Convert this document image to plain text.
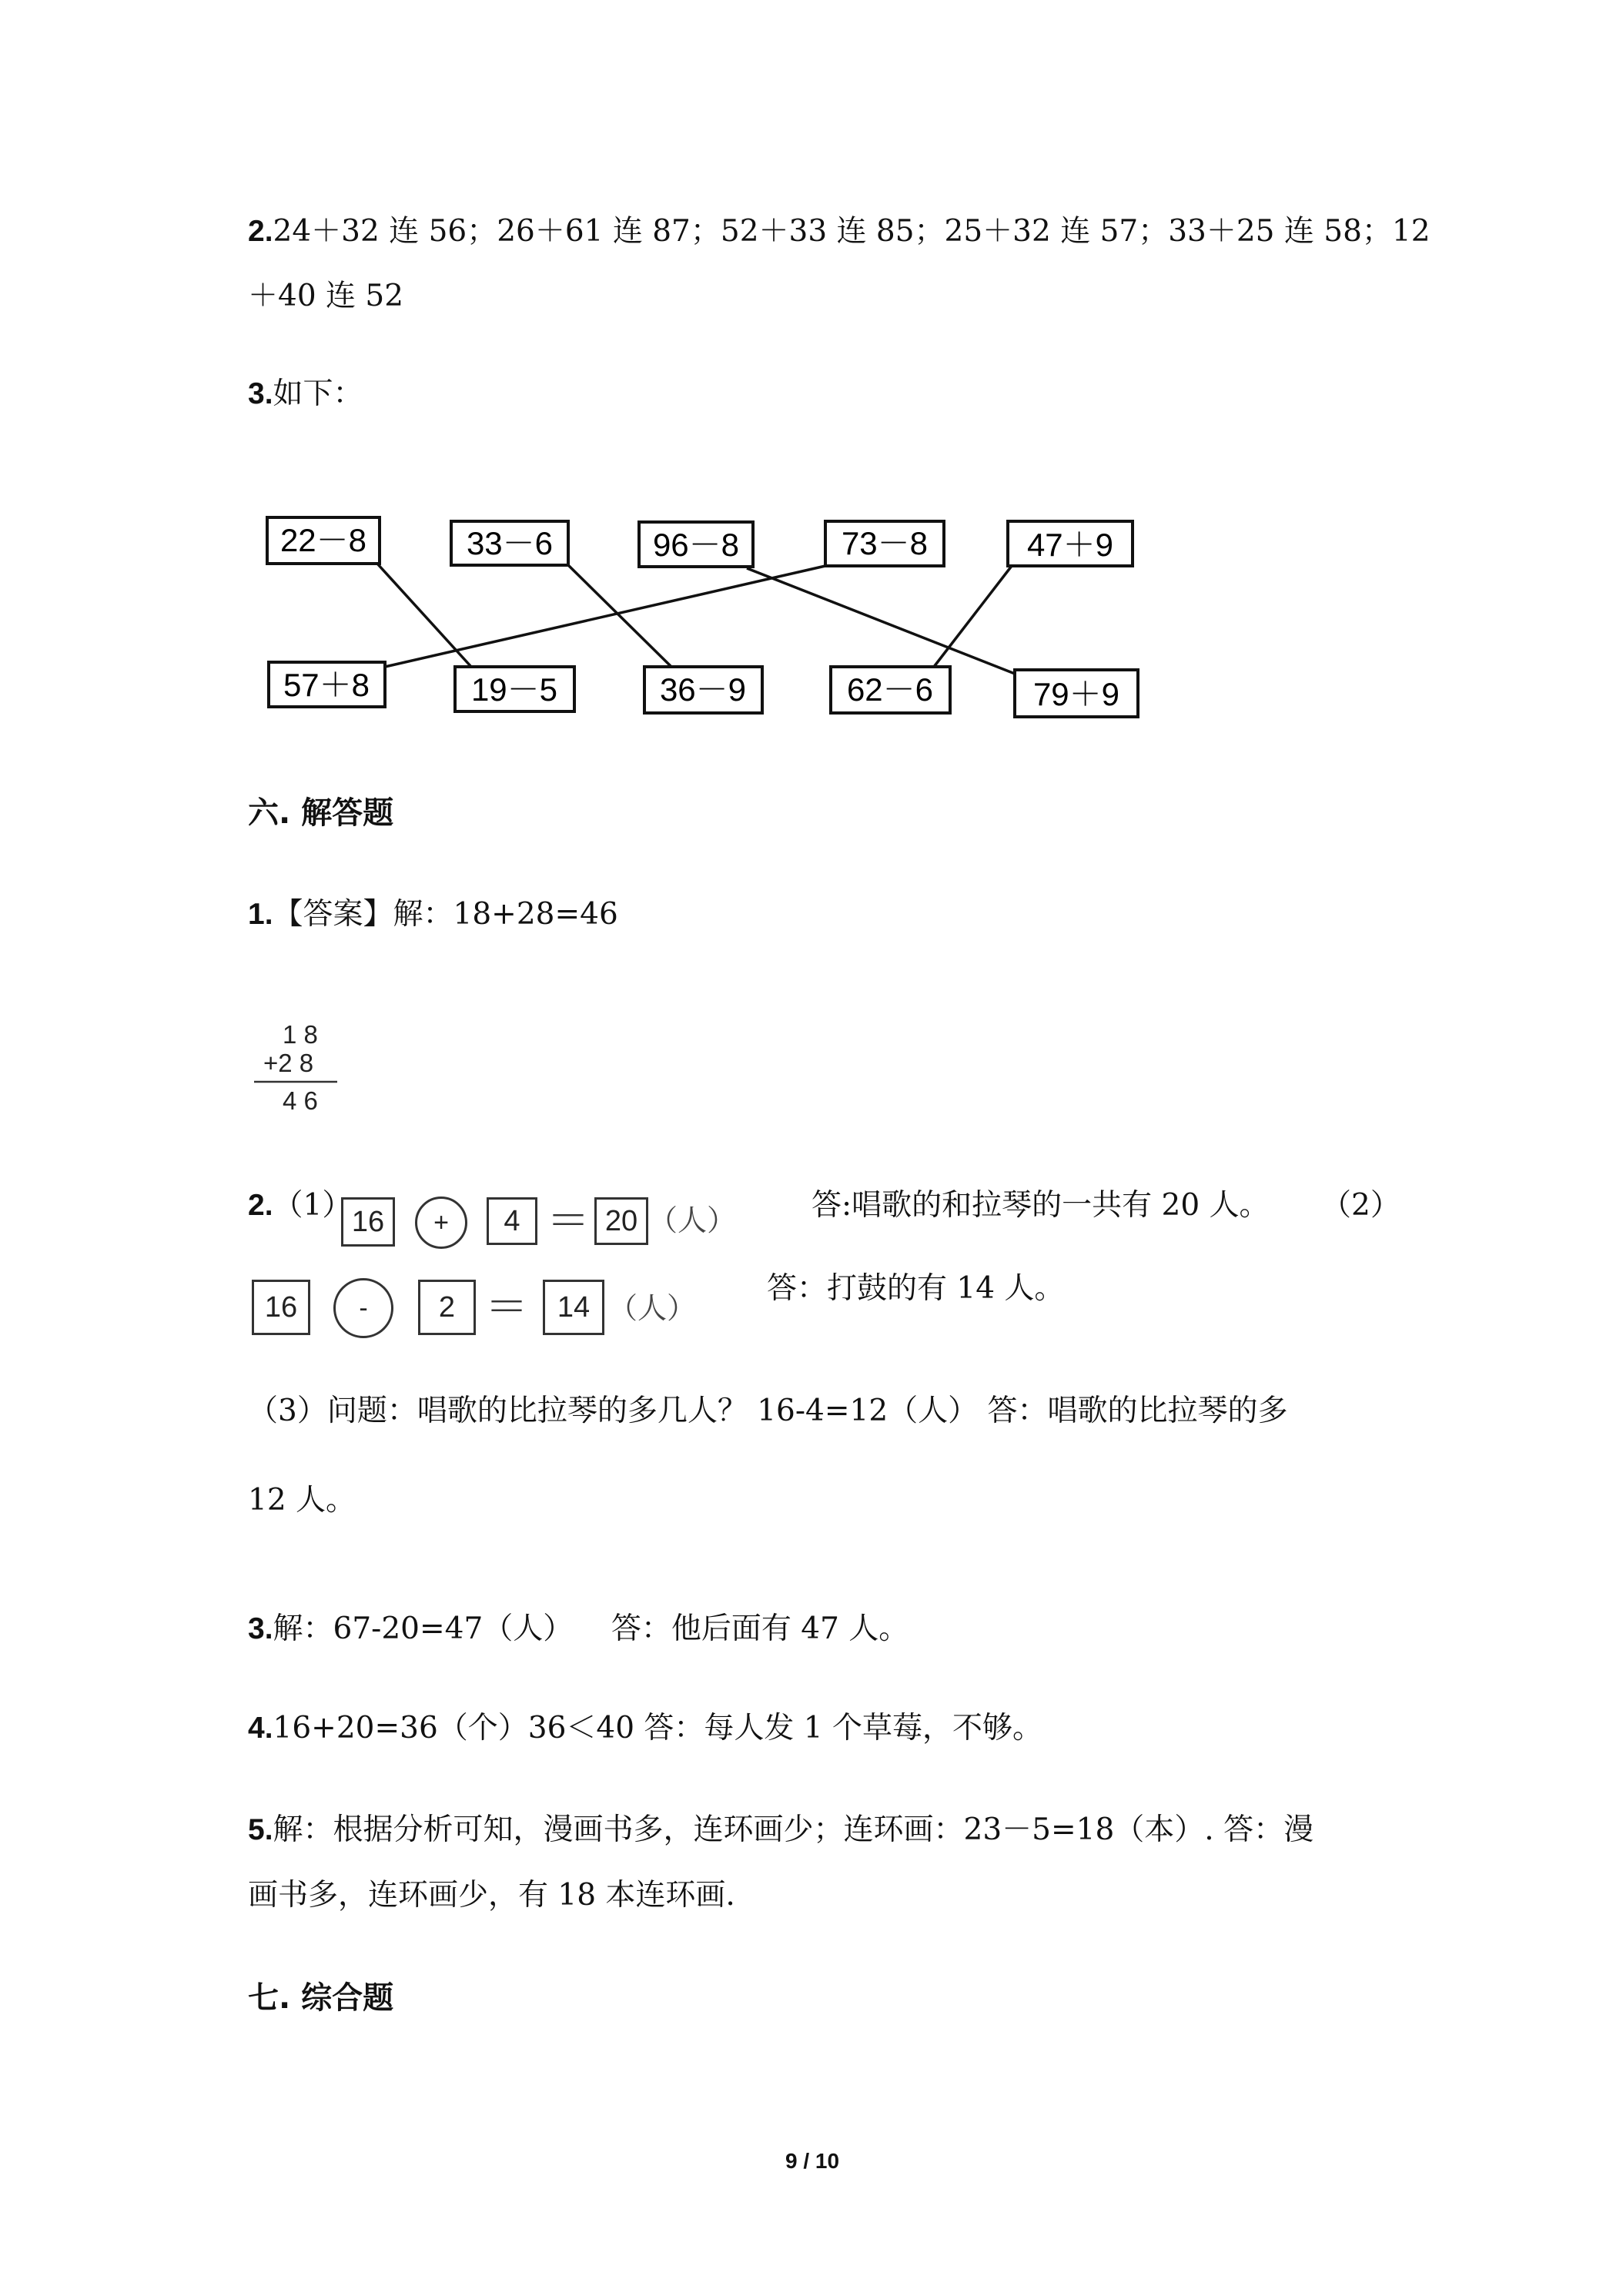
2.24＋32 连 56；26＋61 连 87；52＋33 连 85；25＋32 连 57；33＋25 连 58；12
＋40 连 52
3.如下：
22－8	33－6	96－8	73－8	47＋9
57＋8	19－5	36－9	62－6	79＋9
六. 解答题
1.【答案】解：18+28=46
1 8
+2 8
4 6
2.（1） 16	+	4 ＝ 20 （人）	答:唱歌的和拉琴的一共有 20 人。 （2）
16	-	2 ＝ 14 （人）
答：打鼓的有 14 人。
（3）问题：唱歌的比拉琴的多几人？ 16-4=12（人） 答：唱歌的比拉琴的多
12 人。
3.解：67-20=47（人）    答：他后面有 47 人。
4.16+20=36（个）36＜40 答：每人发 1 个草莓，不够。
5.解：根据分析可知，漫画书多，连环画少；连环画：23－5=18（本）. 答：漫
画书多，连环画少，有 18 本连环画.
七. 综合题
9 / 10
